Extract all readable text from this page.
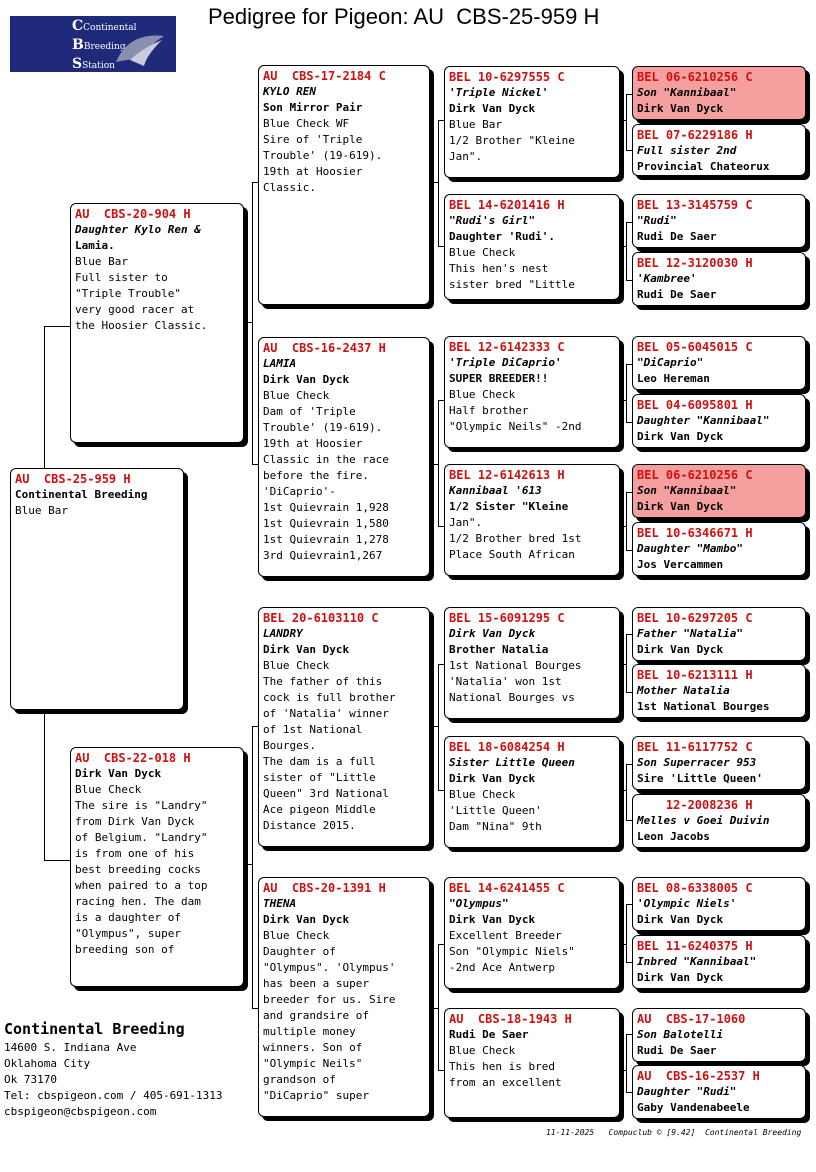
Pedigree for Pigeon: AU  CBS-25-959 H
CContinental
BBreeding
SStation
AU  CBS-25-959 H
Continental Breeding
Blue Bar
AU  CBS-20-904 H
Daughter Kylo Ren &
Lamia.
Blue Bar
Full sister to
"Triple Trouble"
very good racer at
the Hoosier Classic.
AU  CBS-22-018 H
Dirk Van Dyck
Blue Check
The sire is "Landry"
from Dirk Van Dyck
of Belgium. "Landry"
is from one of his
best breeding cocks
when paired to a top
racing hen. The dam
is a daughter of
"Olympus", super
breeding son of
AU  CBS-17-2184 C
KYLO REN
Son Mirror Pair
Blue Check WF
Sire of 'Triple
Trouble' (19-619).
19th at Hoosier
Classic.
AU  CBS-16-2437 H
LAMIA
Dirk Van Dyck
Blue Check
Dam of 'Triple
Trouble' (19-619).
19th at Hoosier
Classic in the race
before the fire.
'DiCaprio'-
1st Quievrain 1,928
1st Quievrain 1,580
1st Quievrain 1,278
3rd Quievrain1,267
BEL 20-6103110 C
LANDRY
Dirk Van Dyck
Blue Check
The father of this
cock is full brother
of 'Natalia' winner
of 1st National
Bourges.
The dam is a full
sister of "Little
Queen" 3rd National
Ace pigeon Middle
Distance 2015.
AU  CBS-20-1391 H
THENA
Dirk Van Dyck
Blue Check
Daughter of
"Olympus". 'Olympus'
has been a super
breeder for us. Sire
and grandsire of
multiple money
winners. Son of
"Olympic Neils"
grandson of
"DiCaprio" super
BEL 10-6297555 C
'Triple Nickel'
Dirk Van Dyck
Blue Bar
1/2 Brother "Kleine
Jan".
BEL 14-6201416 H
"Rudi's Girl"
Daughter 'Rudi'.
Blue Check
This hen's nest
sister bred "Little
BEL 12-6142333 C
'Triple DiCaprio'
SUPER BREEDER!!
Blue Check
Half brother
"Olympic Neils" -2nd
BEL 12-6142613 H
Kannibaal '613
1/2 Sister "Kleine
Jan".
1/2 Brother bred 1st
Place South African
BEL 15-6091295 C
Dirk Van Dyck
Brother Natalia
1st National Bourges
'Natalia' won 1st
National Bourges vs
BEL 18-6084254 H
Sister Little Queen
Dirk Van Dyck
Blue Check
'Little Queen'
Dam "Nina" 9th
BEL 14-6241455 C
"Olympus"
Dirk Van Dyck
Excellent Breeder
Son "Olympic Niels"
-2nd Ace Antwerp
AU  CBS-18-1943 H
Rudi De Saer
Blue Check
This hen is bred
from an excellent
BEL 06-6210256 C
Son "Kannibaal"
Dirk Van Dyck
BEL 07-6229186 H
Full sister 2nd
Provincial Chateorux
BEL 13-3145759 C
"Rudi"
Rudi De Saer
BEL 12-3120030 H
'Kambree'
Rudi De Saer
BEL 05-6045015 C
"DiCaprio"
Leo Hereman
BEL 04-6095801 H
Daughter "Kannibaal"
Dirk Van Dyck
BEL 06-6210256 C
Son "Kannibaal"
Dirk Van Dyck
BEL 10-6346671 H
Daughter "Mambo"
Jos Vercammen
BEL 10-6297205 C
Father "Natalia"
Dirk Van Dyck
BEL 10-6213111 H
Mother Natalia
1st National Bourges
BEL 11-6117752 C
Son Superracer 953
Sire 'Little Queen'
12-2008236 H
Melles v Goei Duivin
Leon Jacobs
BEL 08-6338005 C
'Olympic Niels'
Dirk Van Dyck
BEL 11-6240375 H
Inbred "Kannibaal"
Dirk Van Dyck
AU  CBS-17-1060
Son Balotelli
Rudi De Saer
AU  CBS-16-2537 H
Daughter "Rudi"
Gaby Vandenabeele
Continental Breeding
14600 S. Indiana Ave
Oklahoma City
Ok 73170
Tel: cbspigeon.com / 405-691-1313
cbspigeon@cbspigeon.com
11-11-2025   Compuclub © [9.42]  Continental Breeding
